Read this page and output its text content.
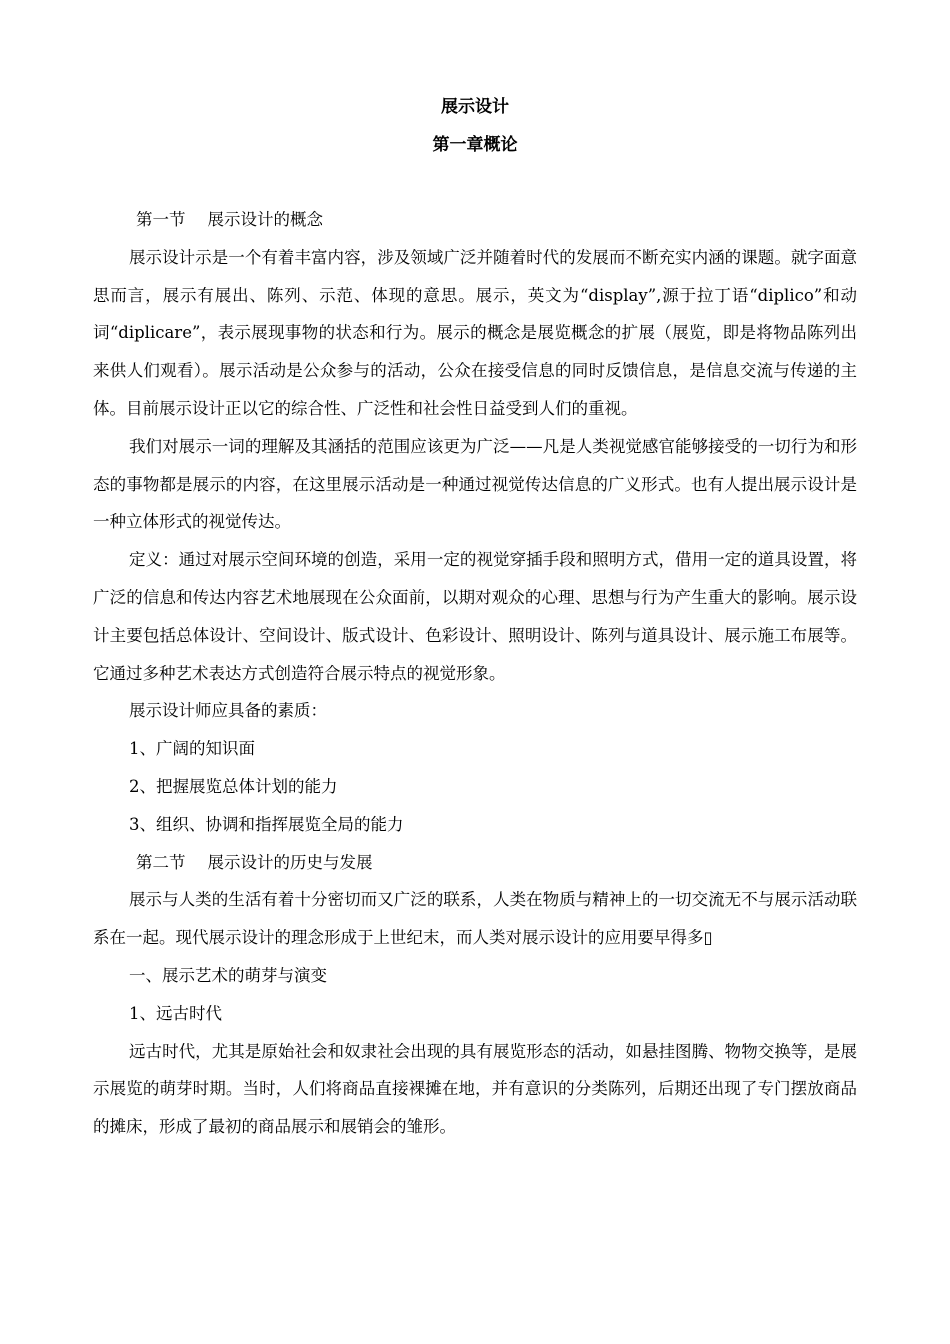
展示设计
第一章概论

第一节 展示设计的概念

展示设计示是一个有着丰富内容，涉及领域广泛并随着时代的发展而不断充实内涵的课题。就字面意思而言，展示有展出、陈列、示范、体现的意思。展示，英文为“display”,源于拉丁语“diplico”和动词“diplicare”，表示展现事物的状态和行为。展示的概念是展览概念的扩展（展览，即是将物品陈列出来供人们观看）。展示活动是公众参与的活动，公众在接受信息的同时反馈信息，是信息交流与传递的主体。目前展示设计正以它的综合性、广泛性和社会性日益受到人们的重视。

我们对展示一词的理解及其涵括的范围应该更为广泛——凡是人类视觉感官能够接受的一切行为和形态的事物都是展示的内容，在这里展示活动是一种通过视觉传达信息的广义形式。也有人提出展示设计是一种立体形式的视觉传达。

定义：通过对展示空间环境的创造，采用一定的视觉穿插手段和照明方式，借用一定的道具设置，将广泛的信息和传达内容艺术地展现在公众面前，以期对观众的心理、思想与行为产生重大的影响。展示设计主要包括总体设计、空间设计、版式设计、色彩设计、照明设计、陈列与道具设计、展示施工布展等。它通过多种艺术表达方式创造符合展示特点的视觉形象。

展示设计师应具备的素质：

1、广阔的知识面

2、把握展览总体计划的能力

3、组织、协调和指挥展览全局的能力

第二节 展示设计的历史与发展

展示与人类的生活有着十分密切而又广泛的联系，人类在物质与精神上的一切交流无不与展示活动联系在一起。现代展示设计的理念形成于上世纪末，而人类对展示设计的应用要早得多▯

一、展示艺术的萌芽与演变

1、远古时代

远古时代，尤其是原始社会和奴隶社会出现的具有展览形态的活动，如悬挂图腾、物物交换等，是展示展览的萌芽时期。当时，人们将商品直接裸摊在地，并有意识的分类陈列，后期还出现了专门摆放商品的摊床，形成了最初的商品展示和展销会的雏形。
